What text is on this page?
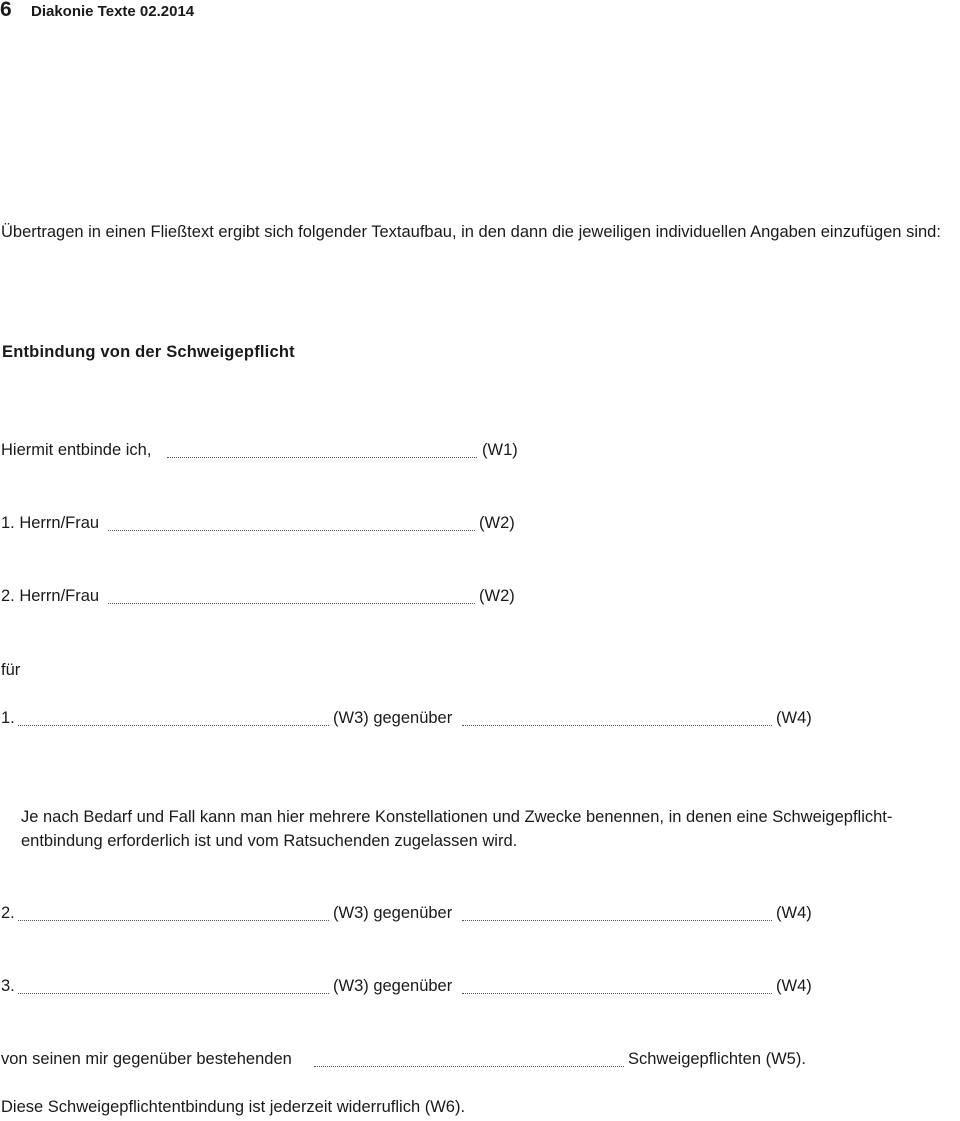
6 Diakonie Texte 02.2014
Übertragen in einen Fließtext ergibt sich folgender Textaufbau, in den dann die jeweiligen individuellen Angaben einzufügen sind:
Entbindung von der Schweigepflicht
Hiermit entbinde ich,	(W1)
1. Herrn/Frau	(W2)
2. Herrn/Frau	(W2)
für
1.	(W3) gegenüber	(W4)
Je nach Bedarf und Fall kann man hier mehrere Konstellationen und Zwecke benennen, in denen eine Schweigepflicht-entbindung erforderlich ist und vom Ratsuchenden zugelassen wird.
2.	(W3) gegenüber	(W4)
3.	(W3) gegenüber	(W4)
von seinen mir gegenüber bestehenden	Schweigepflichten (W5).
Diese Schweigepflichtentbindung ist jederzeit widerruflich (W6).
